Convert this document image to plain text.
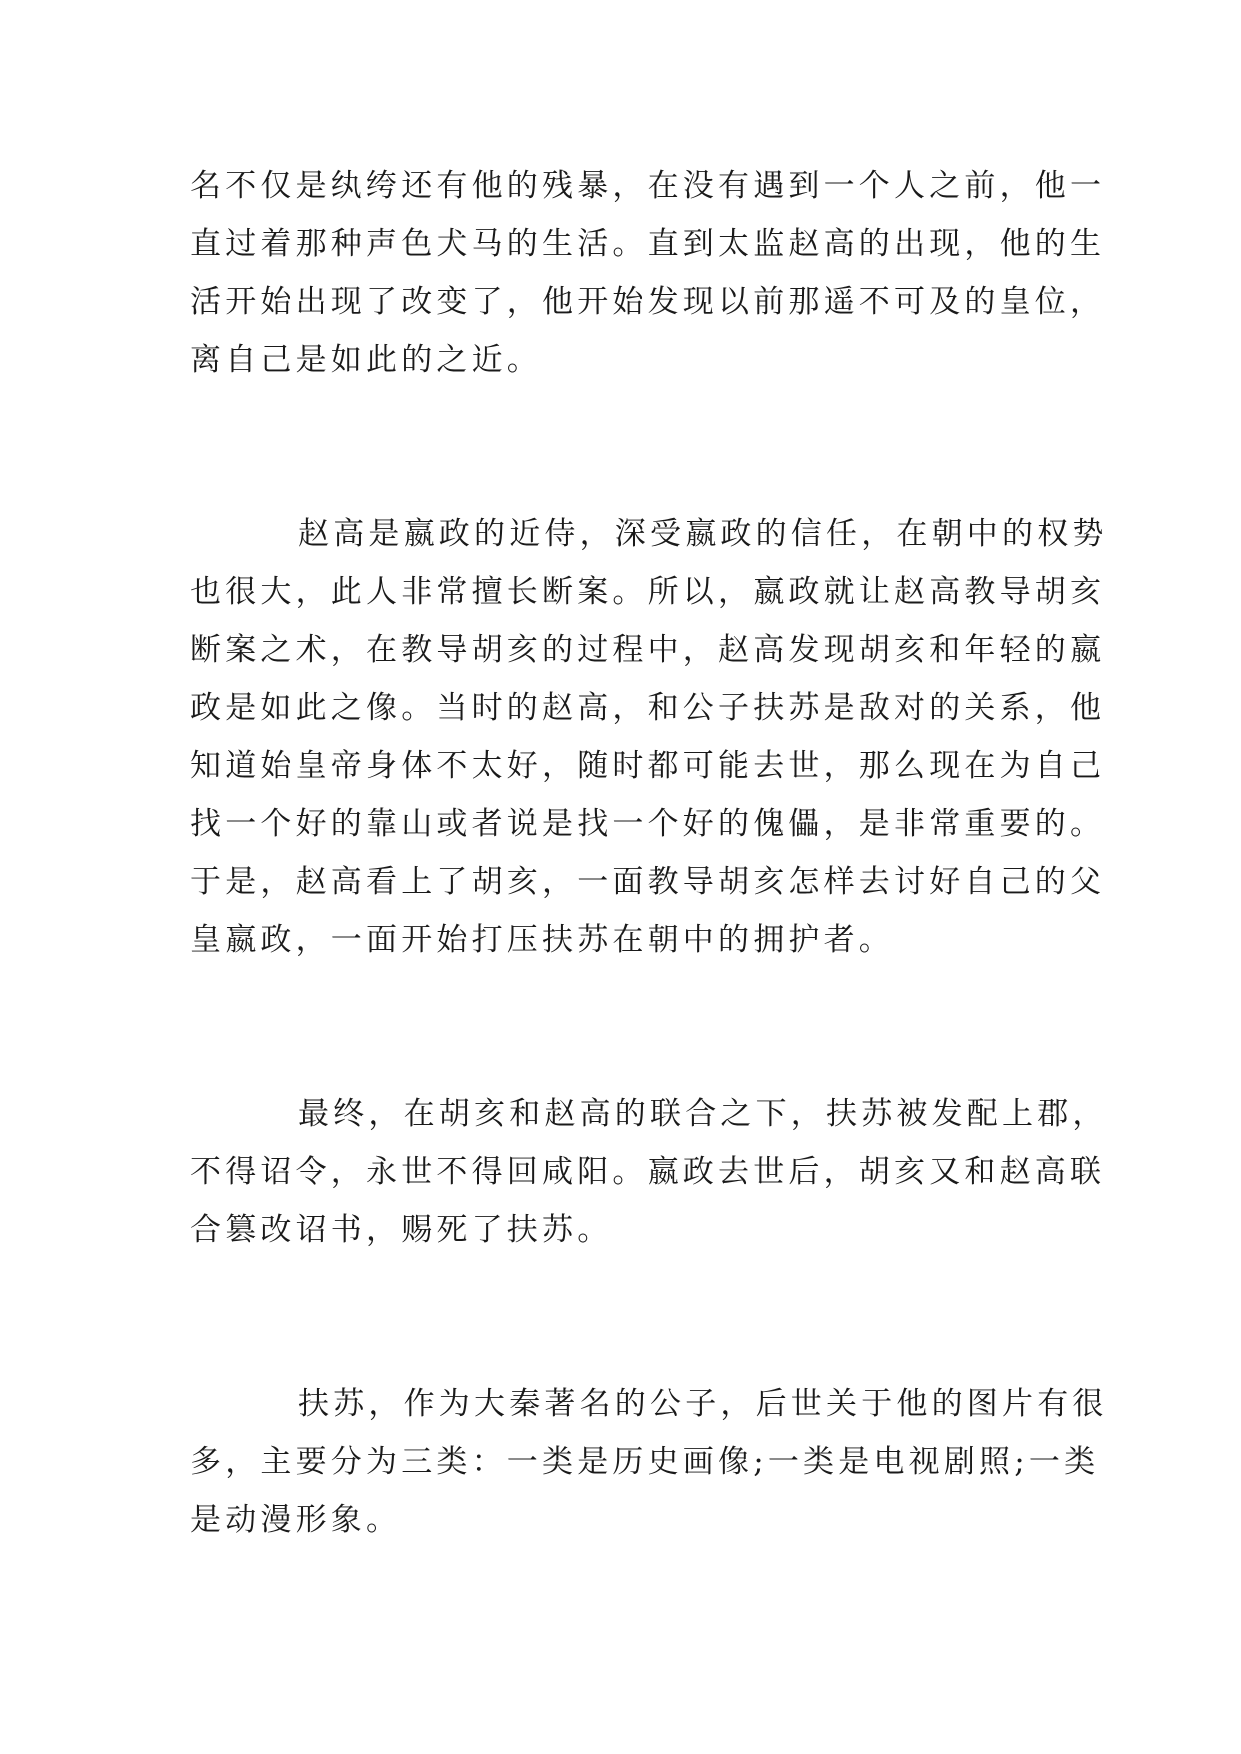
名不仅是纨绔还有他的残暴，在没有遇到一个人之前，他一

直过着那种声色犬马的生活。直到太监赵高的出现，他的生

活开始出现了改变了，他开始发现以前那遥不可及的皇位，

离自己是如此的之近。

赵高是嬴政的近侍，深受嬴政的信任，在朝中的权势

也很大，此人非常擅长断案。所以，嬴政就让赵高教导胡亥

断案之术，在教导胡亥的过程中，赵高发现胡亥和年轻的嬴

政是如此之像。当时的赵高，和公子扶苏是敌对的关系，他

知道始皇帝身体不太好，随时都可能去世，那么现在为自己

找一个好的靠山或者说是找一个好的傀儡，是非常重要的。

于是，赵高看上了胡亥，一面教导胡亥怎样去讨好自己的父

皇嬴政，一面开始打压扶苏在朝中的拥护者。

最终，在胡亥和赵高的联合之下，扶苏被发配上郡，

不得诏令，永世不得回咸阳。嬴政去世后，胡亥又和赵高联

合篡改诏书，赐死了扶苏。

扶苏，作为大秦著名的公子，后世关于他的图片有很

多，主要分为三类：一类是历史画像;一类是电视剧照;一类

是动漫形象。
